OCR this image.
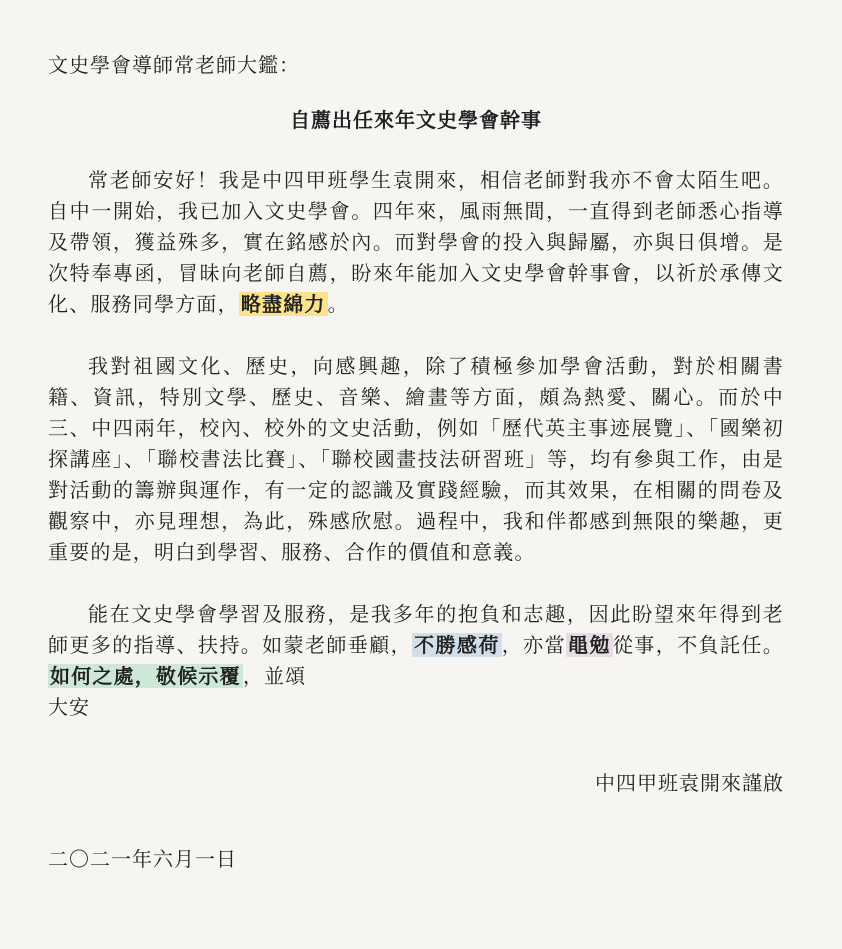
文史學會導師常老師大鑑：
自薦出任來年文史學會幹事

常老師安好！我是中四甲班學生袁開來，相信老師對我亦不會太陌生吧。自中一開始，我已加入文史學會。四年來，風雨無間，一直得到老師悉心指導及帶領，獲益殊多，實在銘感於內。而對學會的投入與歸屬，亦與日俱增。是次特奉專函，冒昧向老師自薦，盼來年能加入文史學會幹事會，以祈於承傳文化、服務同學方面， 略盡綿力 。

我對祖國文化、歷史，向感興趣，除了積極參加學會活動，對於相關書籍、資訊，特別文學、歷史、音樂、繪畫等方面，頗為熱愛、關心。而於中三、中四兩年，校內、校外的文史活動，例如「歷代英主事迹展覽」、「國樂初探講座」、「聯校書法比賽」、「聯校國畫技法研習班」等，均有參與工作，由是對活動的籌辦與運作，有一定的認識及實踐經驗，而其效果，在相關的問卷及觀察中，亦見理想，為此，殊感欣慰。過程中，我和伴都感到無限的樂趣，更重要的是，明白到學習、服務、合作的價值和意義。

能在文史學會學習及服務，是我多年的抱負和志趣，因此盼望來年得到老師更多的指導、扶持。如蒙老師垂顧， 不勝感荷 ，亦當 黽勉 從事，不負託任。如何之處，敬候示覆 ，並頌

大安
中四甲班袁開來謹啟
二〇二一年六月一日
